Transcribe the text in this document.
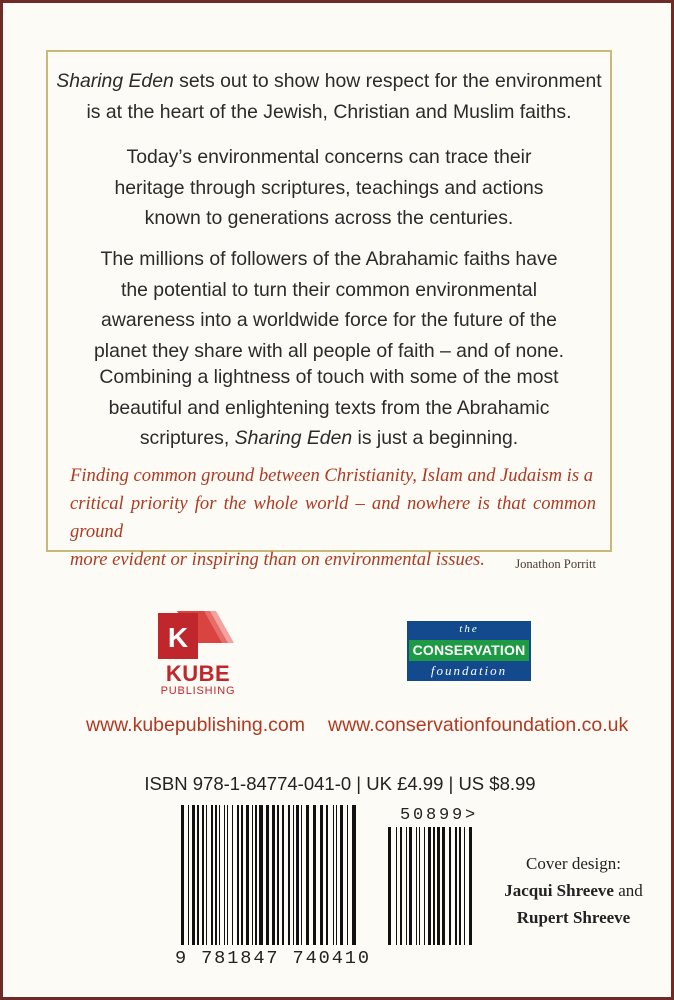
Sharing Eden sets out to show how respect for the environment
is at the heart of the Jewish, Christian and Muslim faiths.

Today’s environmental concerns can trace their
heritage through scriptures, teachings and actions
known to generations across the centuries.

The millions of followers of the Abrahamic faiths have
the potential to turn their common environmental
awareness into a worldwide force for the future of the
planet they share with all people of faith – and of none.

Combining a lightness of touch with some of the most
beautiful and enlightening texts from the Abrahamic
scriptures, Sharing Eden is just a beginning.

Finding common ground between Christianity, Islam and Judaism is a
critical priority for the whole world – and nowhere is that common ground
more evident or inspiring than on environmental issues. Jonathon Porritt

K
KUBE
PUBLISHING
the
CONSERVATION
foundation
www.kubepublishing.com www.conservationfoundation.co.uk
ISBN 978-1-84774-041-0 | UK £4.99 | US $8.99
9 781847 740410
50899>
Cover design:
Jacqui Shreeve and
Rupert Shreeve
